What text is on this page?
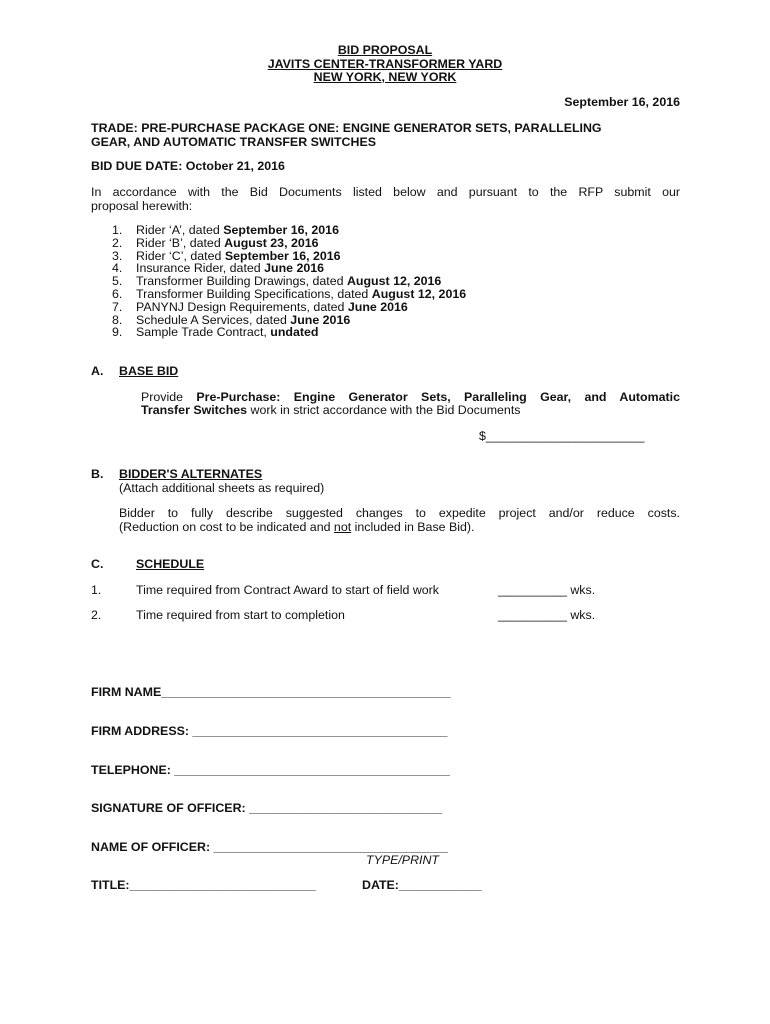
BID PROPOSAL
JAVITS CENTER-TRANSFORMER YARD
NEW YORK, NEW YORK
September 16, 2016
TRADE: PRE-PURCHASE PACKAGE ONE: ENGINE GENERATOR SETS, PARALLELING
GEAR, AND AUTOMATIC TRANSFER SWITCHES
BID DUE DATE: October 21, 2016
In accordance with the Bid Documents listed below and pursuant to the RFP submit our
proposal herewith:
1. Rider ‘A’, dated September 16, 2016
2. Rider ‘B’, dated August 23, 2016
3. Rider ‘C’, dated September 16, 2016
4. Insurance Rider, dated June 2016
5. Transformer Building Drawings, dated August 12, 2016
6. Transformer Building Specifications, dated August 12, 2016
7. PANYNJ Design Requirements, dated June 2016
8. Schedule A Services, dated June 2016
9. Sample Trade Contract, undated
A. BASE BID
Provide Pre-Purchase: Engine Generator Sets, Paralleling Gear, and Automatic
Transfer Switches work in strict accordance with the Bid Documents
$_______________________
B. BIDDER'S ALTERNATES
(Attach additional sheets as required)
Bidder to fully describe suggested changes to expedite project and/or reduce costs.
(Reduction on cost to be indicated and not included in Base Bid).
C.	SCHEDULE
1.	Time required from Contract Award to start of field work	__________ wks.
2.	Time required from start to completion	__________ wks.
FIRM NAME__________________________________________
FIRM ADDRESS: _____________________________________
TELEPHONE: ________________________________________
SIGNATURE OF OFFICER: ____________________________
NAME OF OFFICER: __________________________________
TYPE/PRINT
TITLE:___________________________	DATE:____________
